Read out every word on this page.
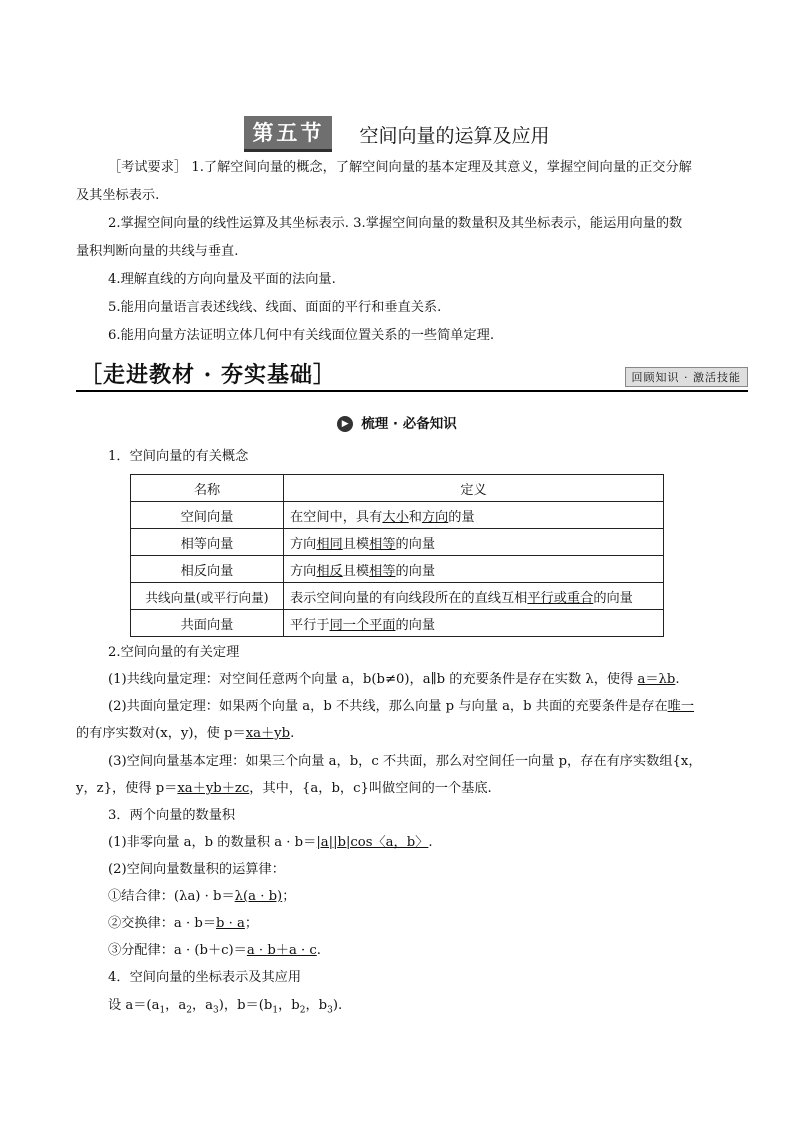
第五节 空间向量的运算及应用
［考试要求］ 1.了解空间向量的概念，了解空间向量的基本定理及其意义，掌握空间向量的正交分解
及其坐标表示.
2.掌握空间向量的线性运算及其坐标表示. 3.掌握空间向量的数量积及其坐标表示，能运用向量的数
量积判断向量的共线与垂直.
4.理解直线的方向向量及平面的法向量.
5.能用向量语言表述线线、线面、面面的平行和垂直关系.
6.能用向量方法证明立体几何中有关线面位置关系的一些简单定理.
［走进教材 · 夯实基础］	回顾知识 · 激活技能
▶ 梳理 · 必备知识
1．空间向量的有关概念
名称	定义
空间向量	在空间中，具有大小和方向的量
相等向量	方向相同且模相等的向量
相反向量	方向相反且模相等的向量
共线向量(或平行向量)	表示空间向量的有向线段所在的直线互相平行或重合的向量
共面向量	平行于同一个平面的向量
2.空间向量的有关定理
(1)共线向量定理：对空间任意两个向量 a，b(b≠0)，a∥b 的充要条件是存在实数 λ，使得 a＝λb.
(2)共面向量定理：如果两个向量 a，b 不共线，那么向量 p 与向量 a，b 共面的充要条件是存在唯一
的有序实数对(x，y)，使 p＝xa＋yb.
(3)空间向量基本定理：如果三个向量 a，b，c 不共面，那么对空间任一向量 p，存在有序实数组{x，
y，z}，使得 p＝xa＋yb＋zc，其中，{a，b，c}叫做空间的一个基底.
3．两个向量的数量积
(1)非零向量 a，b 的数量积 a · b＝|a||b|cos〈a，b〉.
(2)空间向量数量积的运算律：
①结合律：(λa) · b＝λ(a · b)；
②交换律：a · b＝b · a；
③分配律：a · (b＋c)＝a · b＋a · c.
4．空间向量的坐标表示及其应用
设 $a=(a_1$，$a_2$，$a_3$)，$b=(b_1$，$b_2$，$b_3$).
